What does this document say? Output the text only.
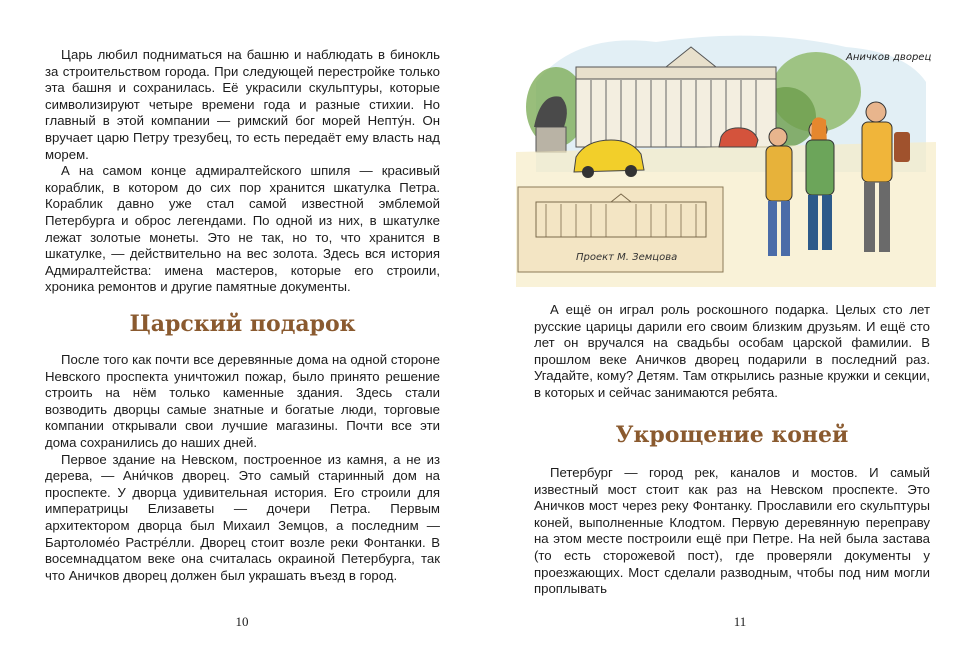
Царь любил подниматься на башню и наблюдать в бинокль за строительством города. При следующей перестройке только эта башня и сохранилась. Её украсили скульптуры, которые символизируют четыре времени года и разные стихии. Но главный в этой компании — римский бог морей Непту́н. Он вручает царю Петру трезубец, то есть передаёт ему власть над морем.

А на самом конце адмиралтейского шпиля — красивый кораблик, в котором до сих пор хранится шкатулка Петра. Кораблик давно уже стал самой известной эмблемой Петербурга и оброс легендами. По одной из них, в шкатулке лежат золотые монеты. Это не так, но то, что хранится в шкатулке, — действительно на вес золота. Здесь вся история Адмиралтейства: имена мастеров, которые его строили, хроника ремонтов и другие памятные документы.

Царский подарок

После того как почти все деревянные дома на одной стороне Невского проспекта уничтожил пожар, было принято решение строить на нём только каменные здания. Здесь стали возводить дворцы самые знатные и богатые люди, торговые компании открывали свои лучшие магазины. Почти все эти дома сохранились до наших дней.

Первое здание на Невском, построенное из камня, а не из дерева, — Ани́чков дворец. Это самый старинный дом на проспекте. У дворца удивительная история. Его строили для императрицы Елизаветы — дочери Петра. Первым архитектором дворца был Михаил Земцов, а последним — Бартоломе́о Растре́лли. Дворец стоит возле реки Фонтанки. В восемнадцатом веке она считалась окраиной Петербурга, так что Аничков дворец должен был украшать въезд в город.

10
Проект М. Земцова
Аничков дворец

А ещё он играл роль роскошного подарка. Целых сто лет русские царицы дарили его своим близким друзьям. И ещё сто лет он вручался на свадьбы особам царской фамилии. В прошлом веке Аничков дворец подарили в последний раз. Угадайте, кому? Детям. Там открылись разные кружки и секции, в которых и сейчас занимаются ребята.

Укрощение коней

Петербург — город рек, каналов и мостов. И самый известный мост стоит как раз на Невском проспекте. Это Аничков мост через реку Фонтанку. Прославили его скульптуры коней, выполненные Клодтом. Первую деревянную переправу на этом месте построили ещё при Петре. На ней была застава (то есть сторожевой пост), где проверяли документы у проезжающих. Мост сделали разводным, чтобы под ним могли проплывать

11
